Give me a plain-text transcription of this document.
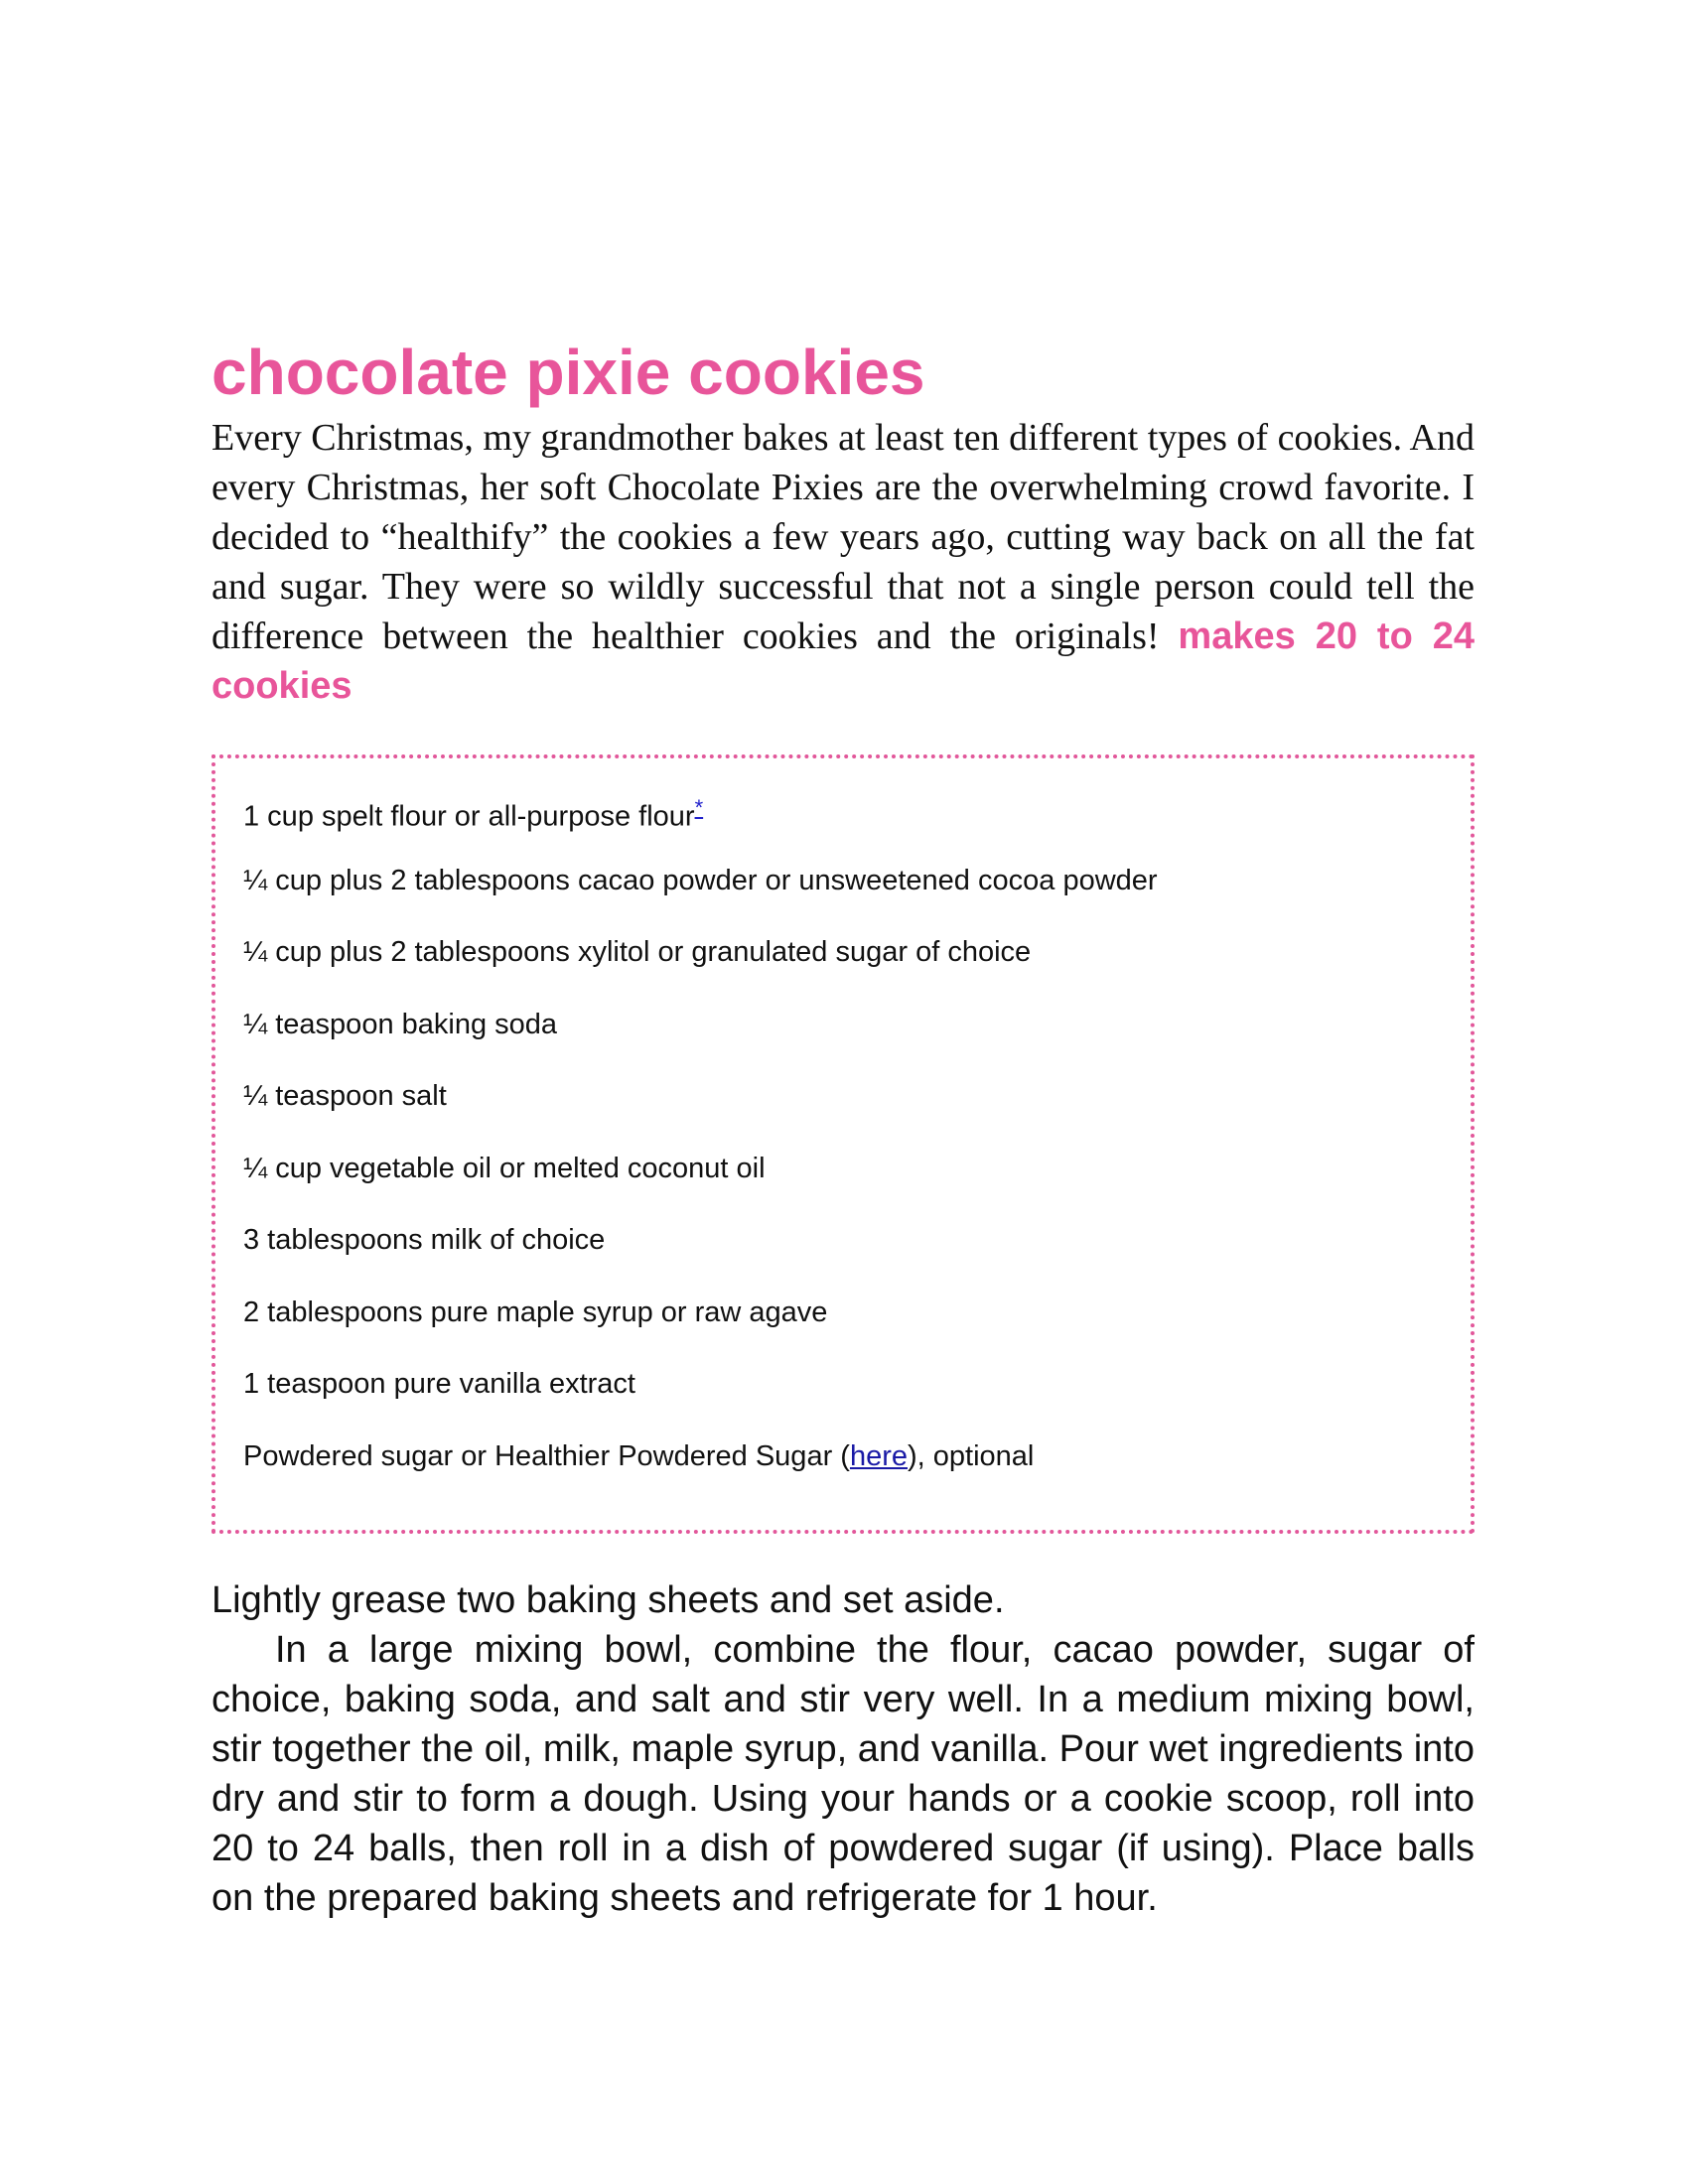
chocolate pixie cookies

Every Christmas, my grandmother bakes at least ten different types of cookies. And every Christmas, her soft Chocolate Pixies are the overwhelming crowd favorite. I decided to “healthify” the cookies a few years ago, cutting way back on all the fat and sugar. They were so wildly successful that not a single person could tell the difference between the healthier cookies and the originals! makes 20 to 24 cookies

1 cup spelt flour or all-purpose flour*
¼ cup plus 2 tablespoons cacao powder or unsweetened cocoa powder
¼ cup plus 2 tablespoons xylitol or granulated sugar of choice
¼ teaspoon baking soda
¼ teaspoon salt
¼ cup vegetable oil or melted coconut oil
3 tablespoons milk of choice
2 tablespoons pure maple syrup or raw agave
1 teaspoon pure vanilla extract
Powdered sugar or Healthier Powdered Sugar (here), optional

Lightly grease two baking sheets and set aside.

In a large mixing bowl, combine the flour, cacao powder, sugar of choice, baking soda, and salt and stir very well. In a medium mixing bowl, stir together the oil, milk, maple syrup, and vanilla. Pour wet ingredients into dry and stir to form a dough. Using your hands or a cookie scoop, roll into 20 to 24 balls, then roll in a dish of powdered sugar (if using). Place balls on the prepared baking sheets and refrigerate for 1 hour.
